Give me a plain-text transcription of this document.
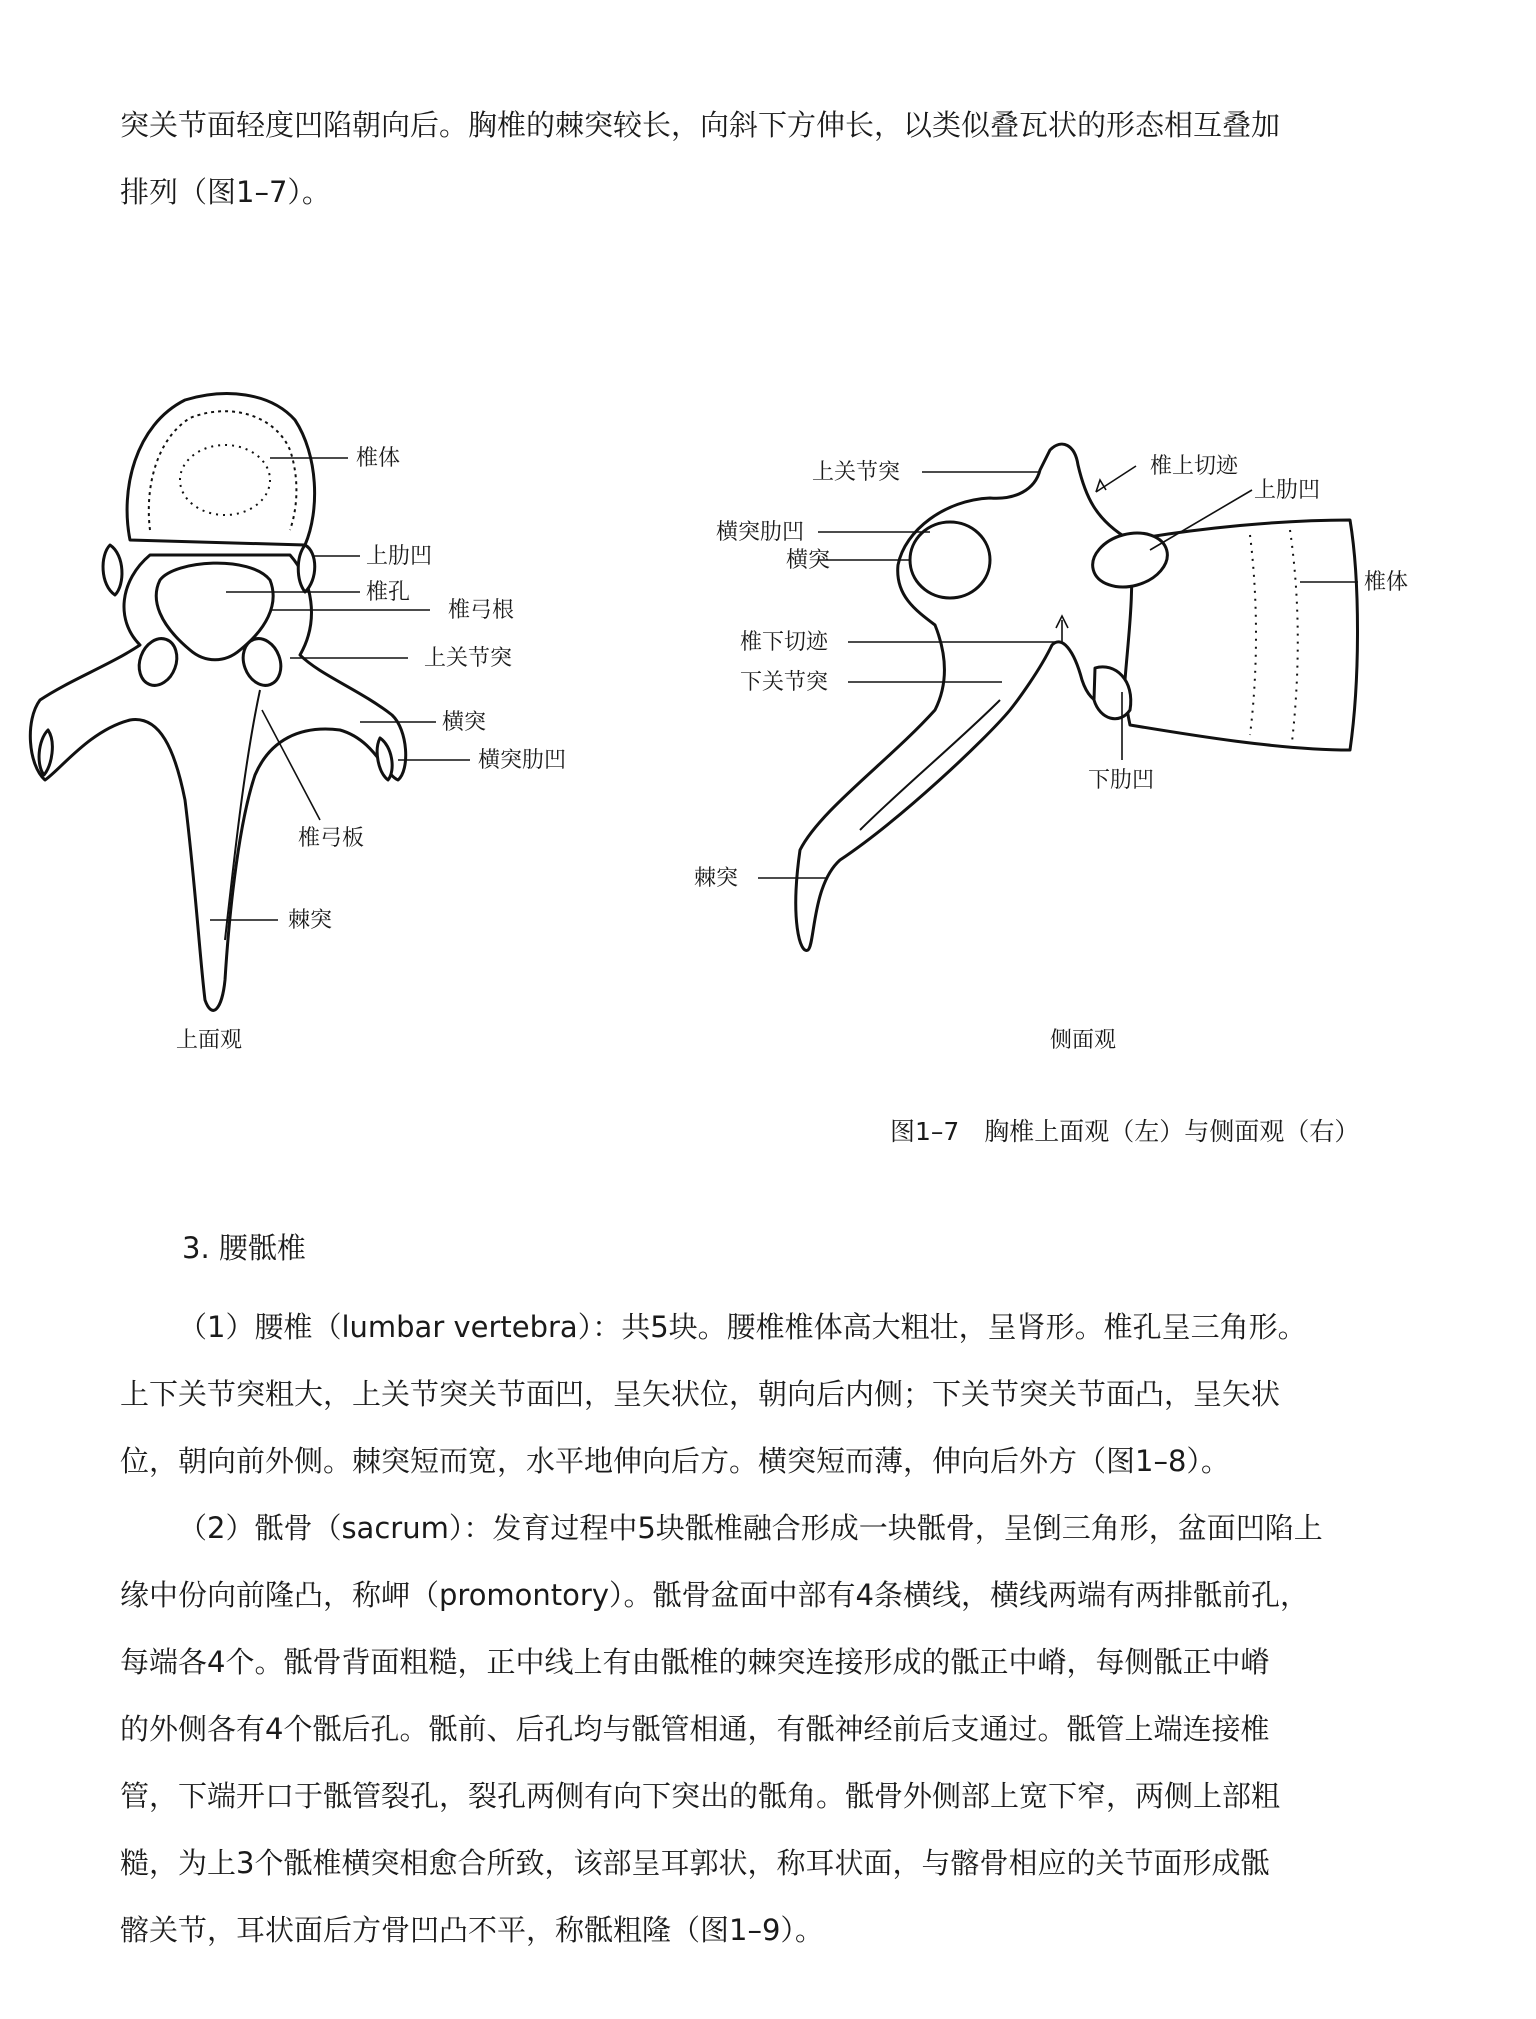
突关节面轻度凹陷朝向后。胸椎的棘突较长，向斜下方伸长，以类似叠瓦状的形态相互叠加
排列（图1–7）。
椎体
上肋凹
椎孔
椎弓根
上关节突
横突
横突肋凹
椎弓板
棘突
上面观
上关节突	椎上切迹
上肋凹
横突肋凹
横突
椎体
椎下切迹
下关节突
下肋凹
棘突
侧面观
图1–7　胸椎上面观（左）与侧面观（右）
3. 腰骶椎
（1）腰椎（lumbar vertebra）：共5块。腰椎椎体高大粗壮，呈肾形。椎孔呈三角形。
上下关节突粗大，上关节突关节面凹，呈矢状位，朝向后内侧；下关节突关节面凸，呈矢状
位，朝向前外侧。棘突短而宽，水平地伸向后方。横突短而薄，伸向后外方（图1–8）。
（2）骶骨（sacrum）：发育过程中5块骶椎融合形成一块骶骨，呈倒三角形，盆面凹陷上
缘中份向前隆凸，称岬（promontory）。骶骨盆面中部有4条横线，横线两端有两排骶前孔，
每端各4个。骶骨背面粗糙，正中线上有由骶椎的棘突连接形成的骶正中嵴，每侧骶正中嵴
的外侧各有4个骶后孔。骶前、后孔均与骶管相通，有骶神经前后支通过。骶管上端连接椎
管，下端开口于骶管裂孔，裂孔两侧有向下突出的骶角。骶骨外侧部上宽下窄，两侧上部粗
糙，为上3个骶椎横突相愈合所致，该部呈耳郭状，称耳状面，与髂骨相应的关节面形成骶
髂关节，耳状面后方骨凹凸不平，称骶粗隆（图1–9）。
